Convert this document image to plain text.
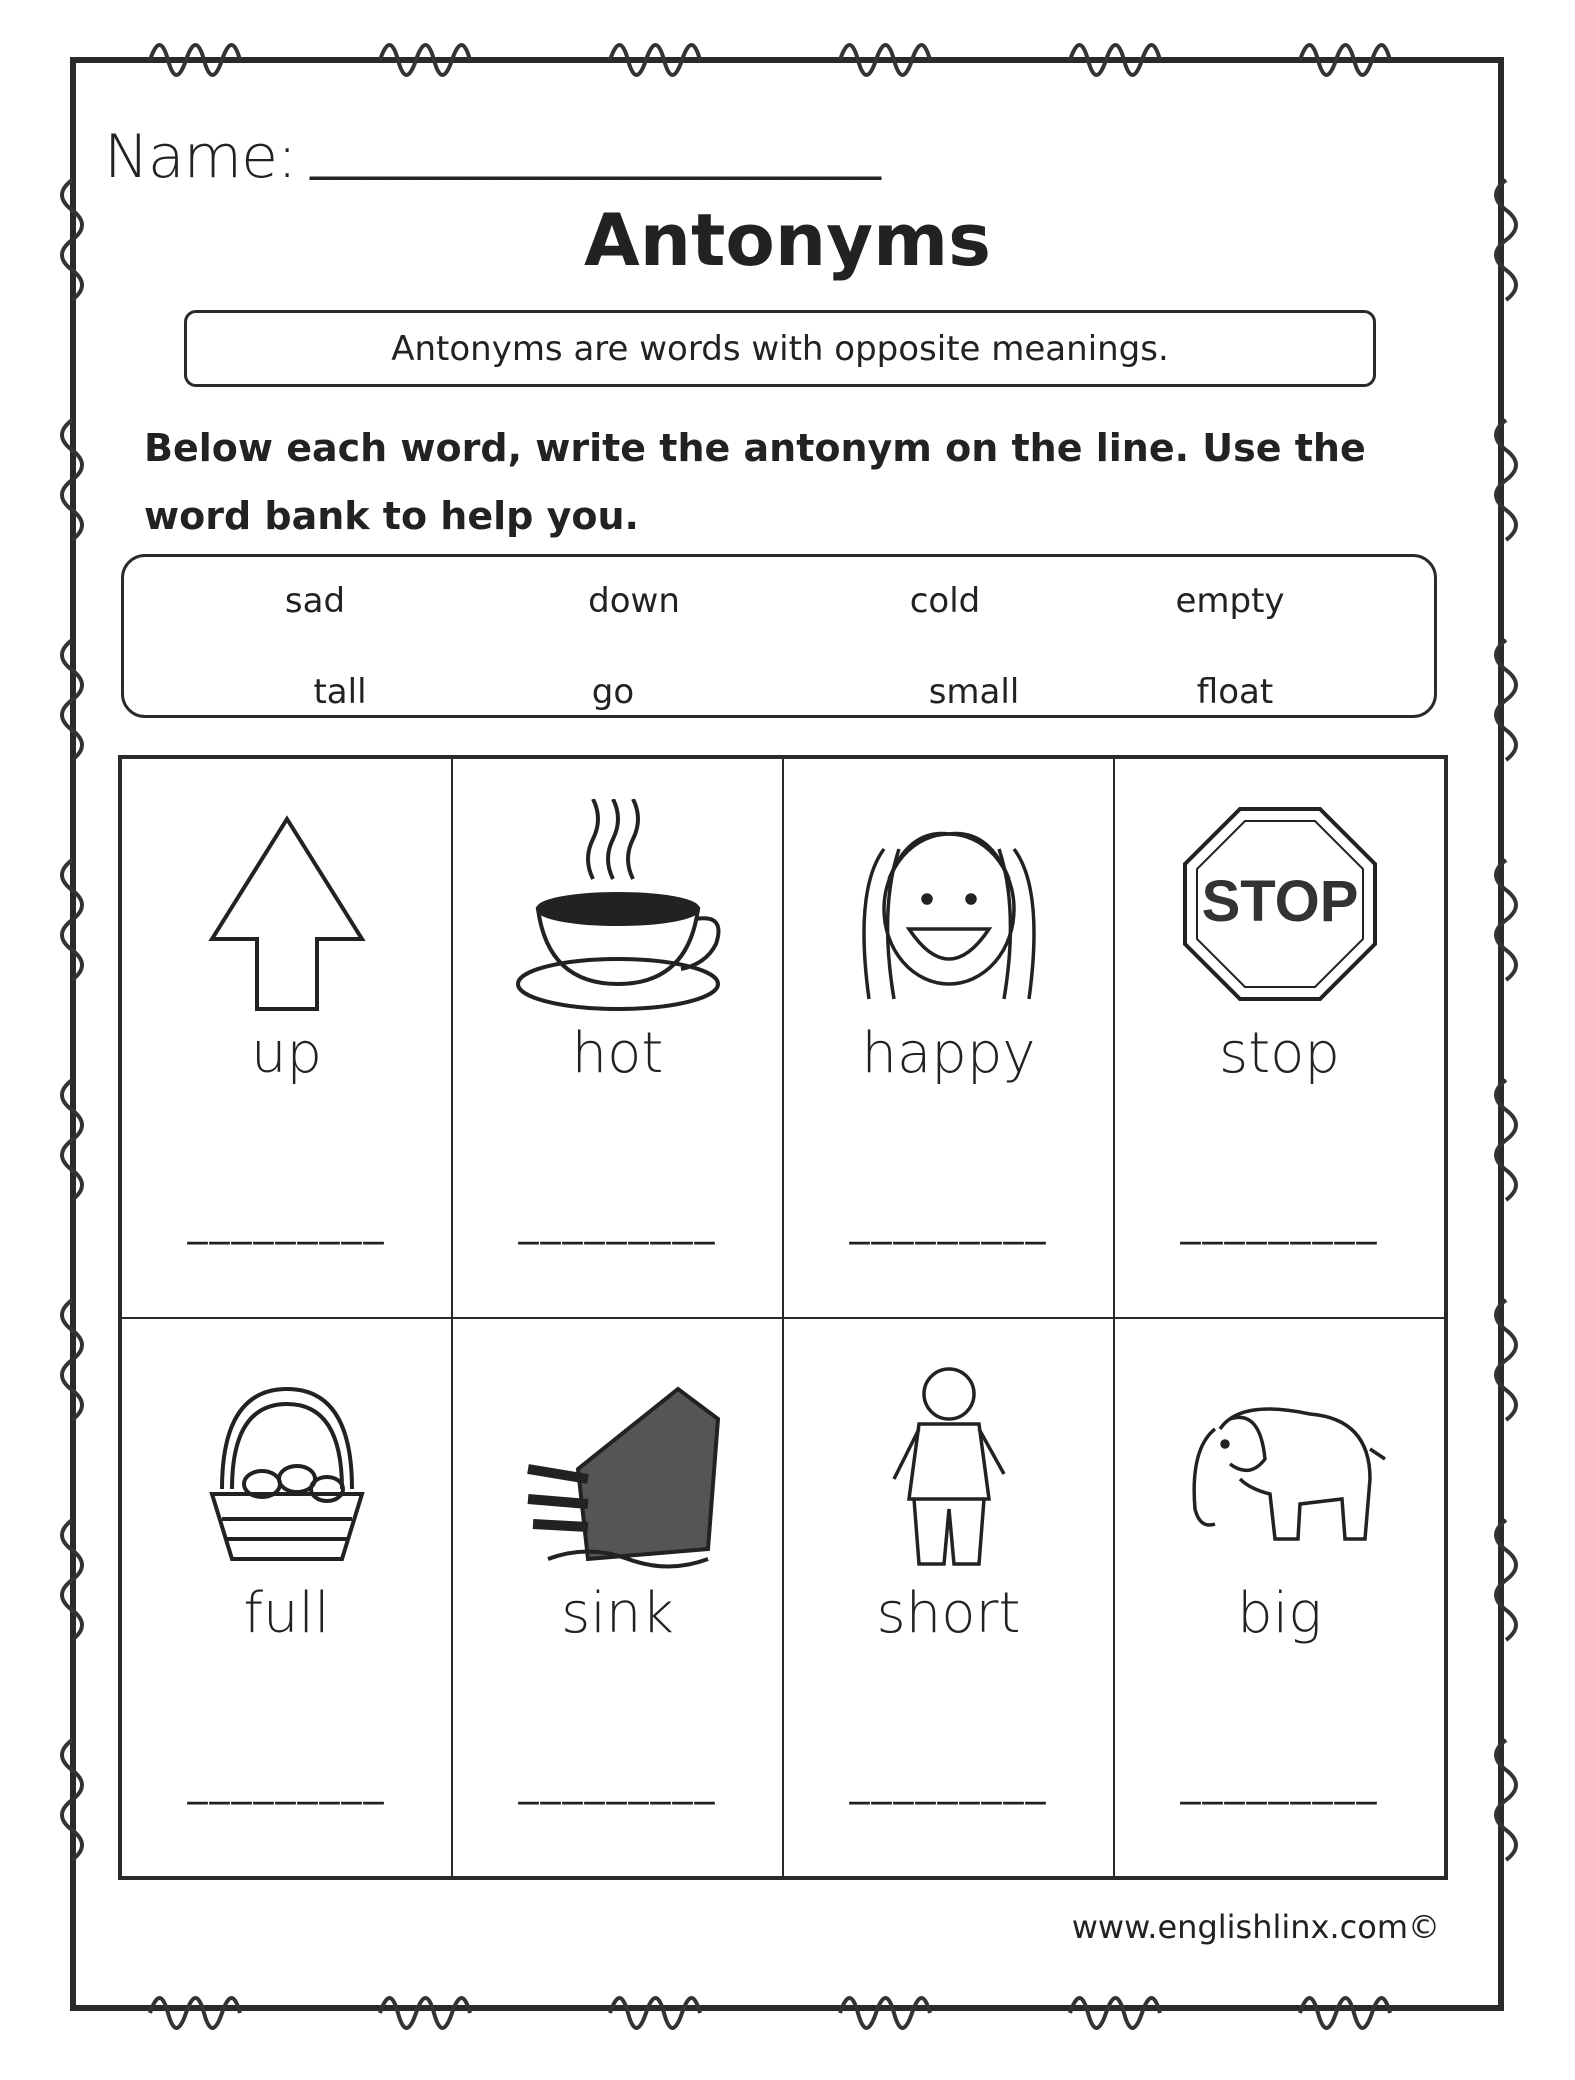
Name: ______________________
Antonyms
Antonyms are words with opposite meanings.
Below each word, write the antonym on the line. Use the word bank to help you.
sad	down	cold	empty
tall	go	small	float
up
_________
hot
_________
happy
_________
STOP
stop
_________
full
_________
sink
_________
short
_________
big
_________
www.englishlinx.com©
